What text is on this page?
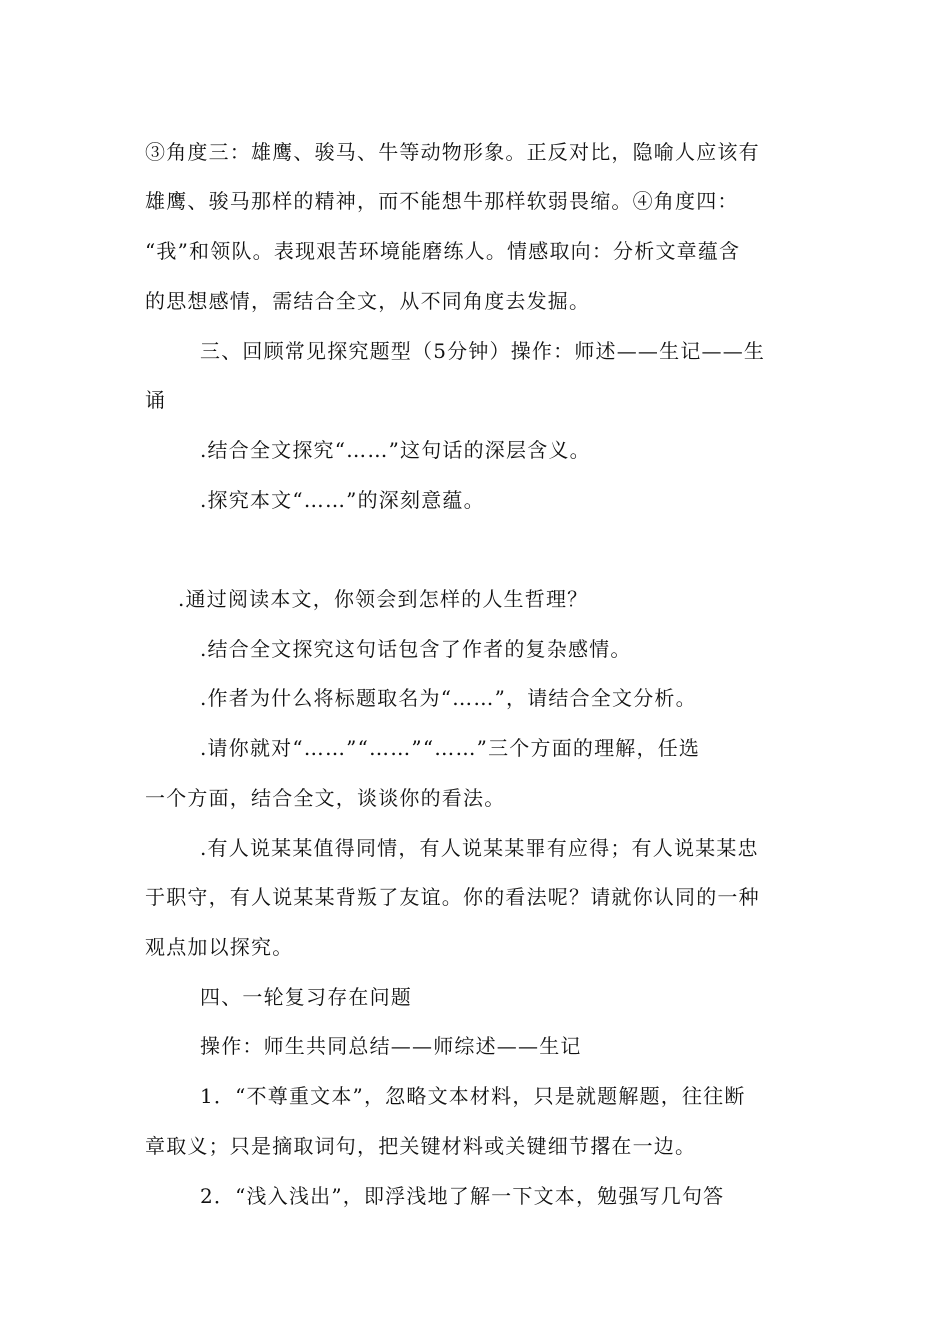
③角度三：雄鹰、骏马、牛等动物形象。正反对比，隐喻人应该有
雄鹰、骏马那样的精神，而不能想牛那样软弱畏缩。④角度四：
“我”和领队。表现艰苦环境能磨练人。情感取向：分析文章蕴含
的思想感情，需结合全文，从不同角度去发掘。
三、回顾常见探究题型（5分钟）操作：师述——生记——生
诵
.结合全文探究“……”这句话的深层含义。
.探究本文“……”的深刻意蕴。
.通过阅读本文，你领会到怎样的人生哲理？
.结合全文探究这句话包含了作者的复杂感情。
.作者为什么将标题取名为“……”，请结合全文分析。
.请你就对“……”“……”“……”三个方面的理解，任选
一个方面，结合全文，谈谈你的看法。
.有人说某某值得同情，有人说某某罪有应得；有人说某某忠
于职守，有人说某某背叛了友谊。你的看法呢？请就你认同的一种
观点加以探究。
四、一轮复习存在问题
操作：师生共同总结——师综述——生记
1．“不尊重文本”，忽略文本材料，只是就题解题，往往断
章取义；只是摘取词句，把关键材料或关键细节撂在一边。
2．“浅入浅出”，即浮浅地了解一下文本，勉强写几句答
